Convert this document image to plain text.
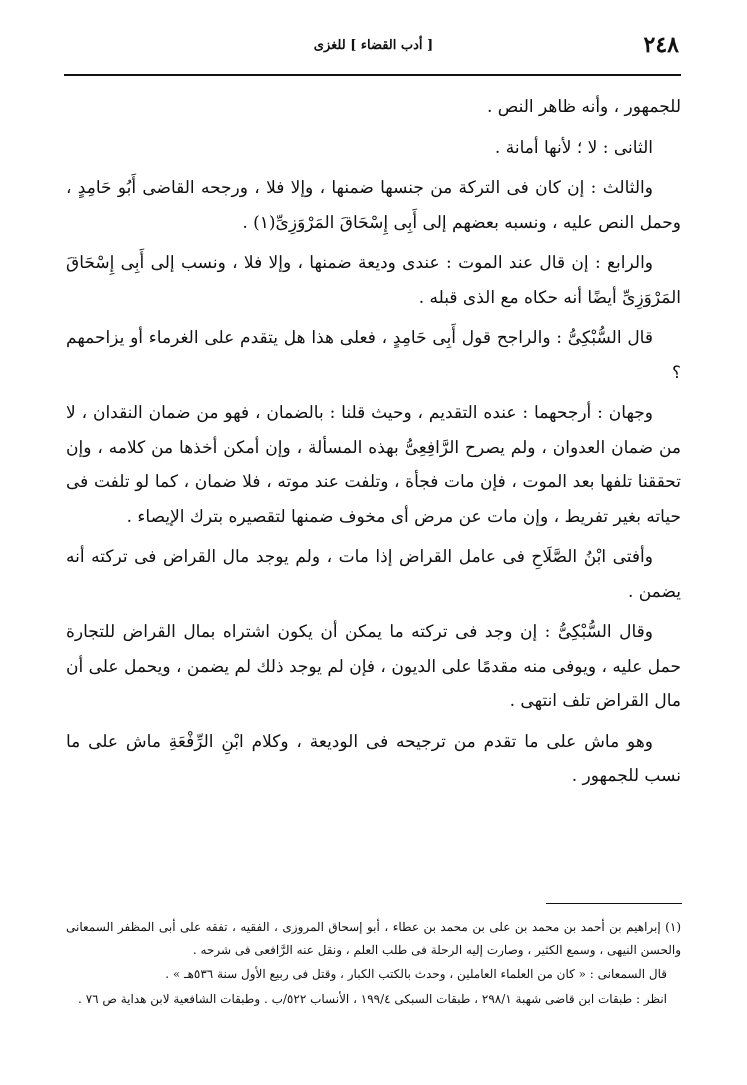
٢٤٨
[ أدب القضاء ] للغزى

للجمهور ، وأنه ظاهر النص .

الثانى : لا ؛ لأنها أمانة .

والثالث : إن كان فى التركة من جنسها ضمنها ، وإلا فلا ، ورجحه القاضى أَبُو حَامِدٍ ، وحمل النص عليه ، ونسبه بعضهم إلى أَبِى إِسْحَاقَ المَرْوَزِىِّ(١) .

والرابع : إن قال عند الموت : عندى وديعة ضمنها ، وإلا فلا ، ونسب إلى أَبِى إِسْحَاقَ المَرْوَزِىِّ أيضًا أنه حكاه مع الذى قبله .

قال السُّبْكِىُّ : والراجح قول أَبِى حَامِدٍ ، فعلى هذا هل يتقدم على الغرماء أو يزاحمهم ؟

وجهان : أرجحهما : عنده التقديم ، وحيث قلنا : بالضمان ، فهو من ضمان النقدان ، لا من ضمان العدوان ، ولم يصرح الرَّافِعِىُّ بهذه المسألة ، وإن أمكن أخذها من كلامه ، وإن تحققنا تلفها بعد الموت ، فإن مات فجأة ، وتلفت عند موته ، فلا ضمان ، كما لو تلفت فى حياته بغير تفريط ، وإن مات عن مرض أى مخوف ضمنها لتقصيره بترك الإيصاء .

وأفتى ابْنُ الصَّلَاحِ فى عامل القراض إذا مات ، ولم يوجد مال القراض فى تركته أنه يضمن .

وقال السُّبْكِىُّ : إن وجد فى تركته ما يمكن أن يكون اشتراه بمال القراض للتجارة حمل عليه ، ويوفى منه مقدمًا على الديون ، فإن لم يوجد ذلك لم يضمن ، ويحمل على أن مال القراض تلف انتهى .

وهو ماش على ما تقدم من ترجيحه فى الوديعة ، وكلام ابْنِ الرِّفْعَةِ ماش على ما نسب للجمهور .

(١) إبراهيم بن أحمد بن محمد بن على بن محمد بن عطاء ، أبو إسحاق المروزى ، الفقيه ، تفقه على أبى المظفر السمعانى والحسن النيهى ، وسمع الكثير ، وصارت إليه الرحلة فى طلب العلم ، ونقل عنه الرَّافعى فى شرحه .

قال السمعانى : « كان من العلماء العاملين ، وحدث بالكتب الكبار ، وقتل فى ربيع الأول سنة ٥٣٦هـ » .

انظر : طبقات ابن قاضى شهبة ٢٩٨/١ ، طبقات السبكى ١٩٩/٤ ، الأنساب ٥٢٢/ب . وطبقات الشافعية لابن هداية ص ٧٦ .
